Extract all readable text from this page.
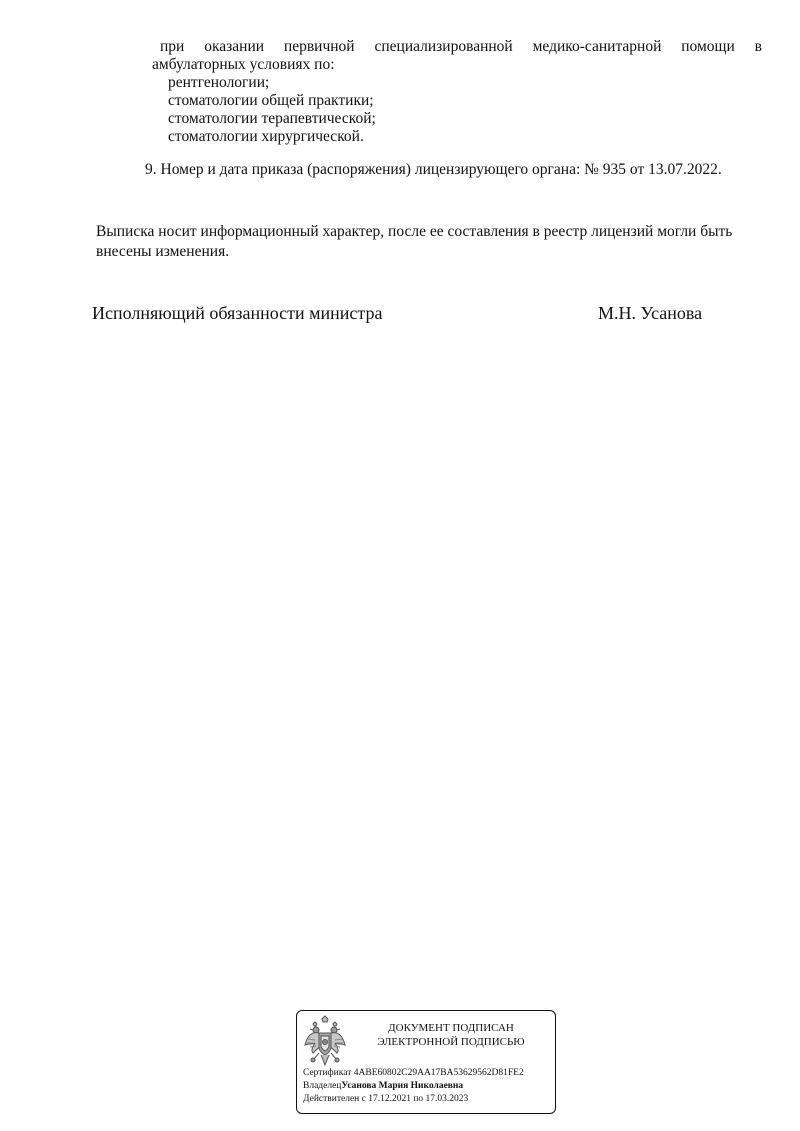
при оказании первичной специализированной медико-санитарной помощи в

амбулаторных условиях по:

рентгенологии;
стоматологии общей практики;
стоматологии терапевтической;
стоматологии хирургической.

9. Номер и дата приказа (распоряжения) лицензирующего органа: № 935 от 13.07.2022.

Выписка носит информационный характер, после ее составления в реестр лицензий могли быть внесены изменения.

Исполняющий обязанности министра	М.Н. Усанова
ДОКУМЕНТ ПОДПИСАН
ЭЛЕКТРОННОЙ ПОДПИСЬЮ
Сертификат 4ABE60802C29AA17BA53629562D81FE2
ВладелецУсанова Мария Николаевна
Действителен с 17.12.2021 по 17.03.2023
